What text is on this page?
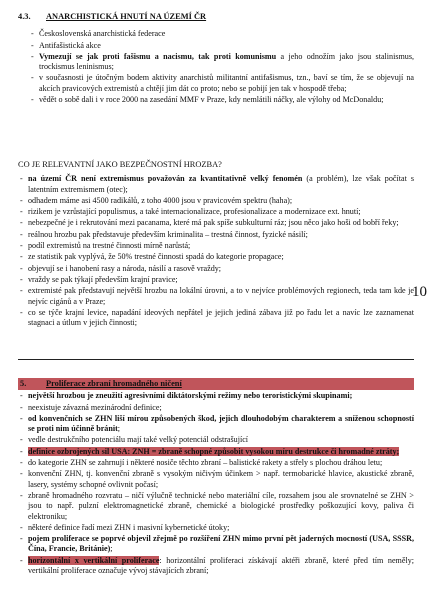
4.3. ANARCHISTICKÁ HNUTÍ NA ÚZEMÍ ČR
- Československá anarchistická federace
- Antifašistická akce
- Vymezují se jak proti fašismu a nacismu, tak proti komunismu a jeho odnožím jako jsou stalinismus, trockismus leninismus;
- v současnosti je útočným bodem aktivity anarchistů militantní antifašismus, tzn., baví se tím, že se objevují na akcích pravicových extremistů a chtějí jim dát co proto; nebo se pobijí jen tak v hospodě třeba;
- vědět o sobě dali i v roce 2000 na zasedání MMF v Praze, kdy nemlátili náčky, ale výlohy od McDonaldu;
CO JE RELEVANTNÍ JAKO BEZPEČNOSTNÍ HROZBA?
- na území ČR není extremismus považován za kvantitativně velký fenomén (a problém), lze však počítat s latentním extremismem (otec);
- odhadem máme asi 4500 radikálů, z toho 4000 jsou v pravicovém spektru (haha);
- rizikem je vzrůstající populismus, a také internacionalizace, profesionalizace a modernizace ext. hnutí;
- nebezpečné je i rekrutování mezi pacanama, které má pak spíše subkulturní ráz; jsou něco jako hoši od bobří řeky;
- reálnou hrozbu pak představuje především kriminalita – trestná činnost, fyzické násilí;
- podíl extremistů na trestné činnosti mírně narůstá;
- ze statistik pak vyplývá, že 50% trestné činnosti spadá do kategorie propagace;
- objevují se i hanobení rasy a národa, násilí a rasově vraždy;
- vraždy se pak týkají především krajní pravice;
- extremisté pak představují největší hrozbu na lokální úrovni, a to v nejvíce problémových regionech, teda tam kde je nejvíc cigánů a v Praze;
- co se týče krajní levice, napadání ideových nepřátel je jejich jediná zábava již po řadu let a navíc lze zaznamenat stagnaci a útlum v jejich činnosti;
10
5. Proliferace zbraní hromadného ničení
- největší hrozbou je zneužití agresivními diktátorskými režimy nebo teroristickými skupinami;
- neexistuje závazná mezinárodní definice;
- od konvenčních se ZHN liší mírou způsobených škod, jejich dlouhodobým charakterem a sníženou schopností se proti nim účinně bránit;
- vedle destrukčního potenciálu mají také velký potenciál odstrašující
- definice ozbrojených sil USA: ZNH = zbraně schopné způsobit vysokou míru destrukce či hromadné ztráty;
- do kategorie ZHN se zahrnují i některé nosiče těchto zbraní – balistické rakety a střely s plochou dráhou letu;
- konvenční ZHN, tj. konvenční zbraně s vysokým ničivým účinkem > např. termobarické hlavice, akustické zbraně, lasery, systémy schopné ovlivnit počasí;
- zbraně hromadného rozvratu – ničí výlučně technické nebo materiální cíle, rozsahem jsou ale srovnatelné se ZHN > jsou to např. pulzní elektromagnetické zbraně, chemické a biologické prostředky poškozující kovy, paliva či elektroniku;
- některé definice řadí mezi ZHN i masivní kybernetické útoky;
- pojem proliferace se poprvé objevil zřejmě po rozšíření ZHN mimo první pět jaderných mocností (USA, SSSR, Čína, Francie, Británie);
- horizontální x vertikální proliferace: horizontální proliferaci získávají aktéři zbraně, které před tím neměly; vertikální proliferace označuje vývoj stávajících zbraní;
